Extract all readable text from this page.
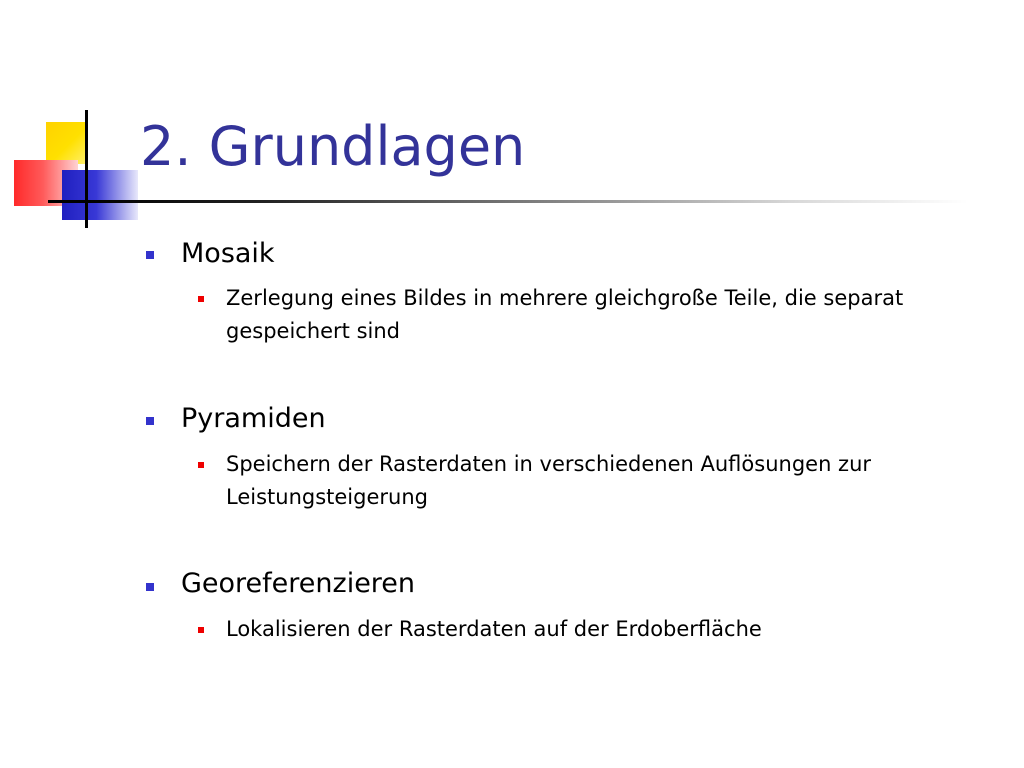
2. Grundlagen
Mosaik
Zerlegung eines Bildes in mehrere gleichgroße Teile, die separat gespeichert sind
Pyramiden
Speichern der Rasterdaten in verschiedenen Auflösungen zur Leistungsteigerung
Georeferenzieren
Lokalisieren der Rasterdaten auf der Erdoberfläche
